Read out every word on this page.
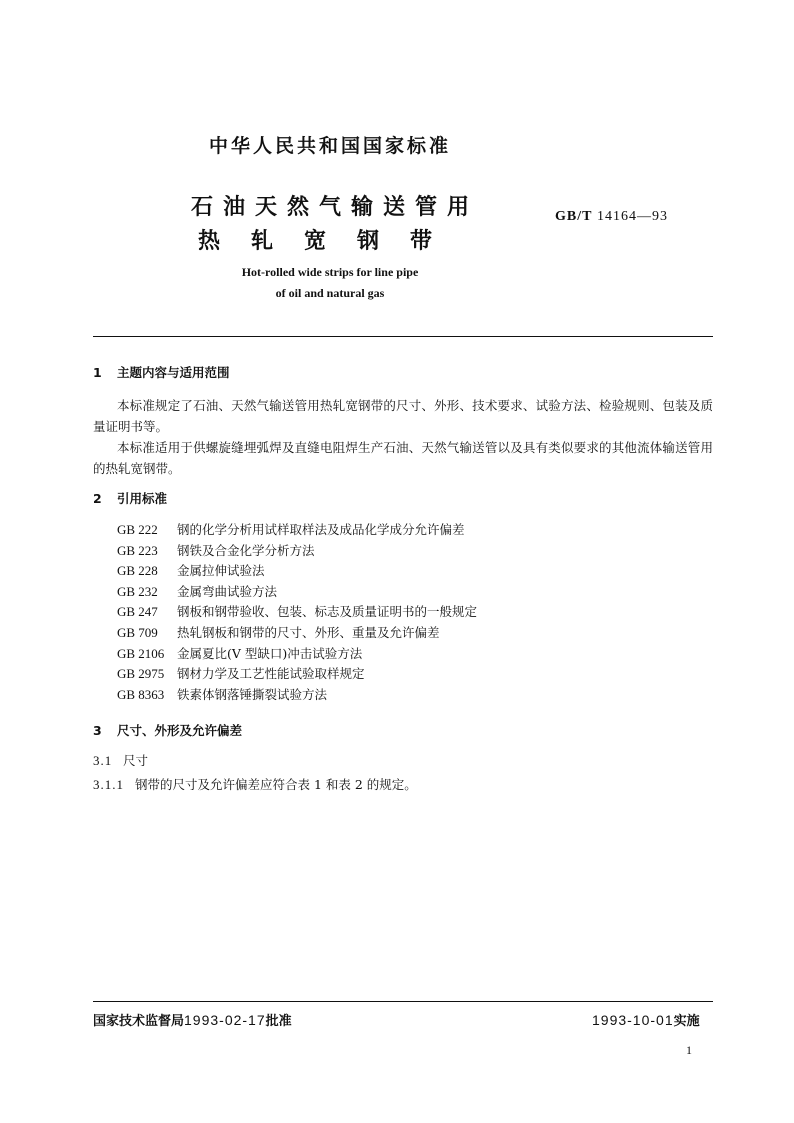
中华人民共和国国家标准
石油天然气输送管用
热轧宽钢带
GB/T 14164—93
Hot-rolled wide strips for line pipe
of oil and natural gas
1 主题内容与适用范围

本标准规定了石油、天然气输送管用热轧宽钢带的尺寸、外形、技术要求、试验方法、检验规则、包装及质量证明书等。

本标准适用于供螺旋缝埋弧焊及直缝电阻焊生产石油、天然气输送管以及具有类似要求的其他流体输送管用的热轧宽钢带。

2 引用标准
GB 222 钢的化学分析用试样取样法及成品化学成分允许偏差
GB 223 钢铁及合金化学分析方法
GB 228 金属拉伸试验法
GB 232 金属弯曲试验方法
GB 247 钢板和钢带验收、包装、标志及质量证明书的一般规定
GB 709 热轧钢板和钢带的尺寸、外形、重量及允许偏差
GB 2106 金属夏比(V 型缺口)冲击试验方法
GB 2975 钢材力学及工艺性能试验取样规定
GB 8363 铁素体钢落锤撕裂试验方法
3 尺寸、外形及允许偏差
3.1 尺寸
3.1.1 钢带的尺寸及允许偏差应符合表 1 和表 2 的规定。
国家技术监督局1993-02-17批准	1993-10-01实施
1
